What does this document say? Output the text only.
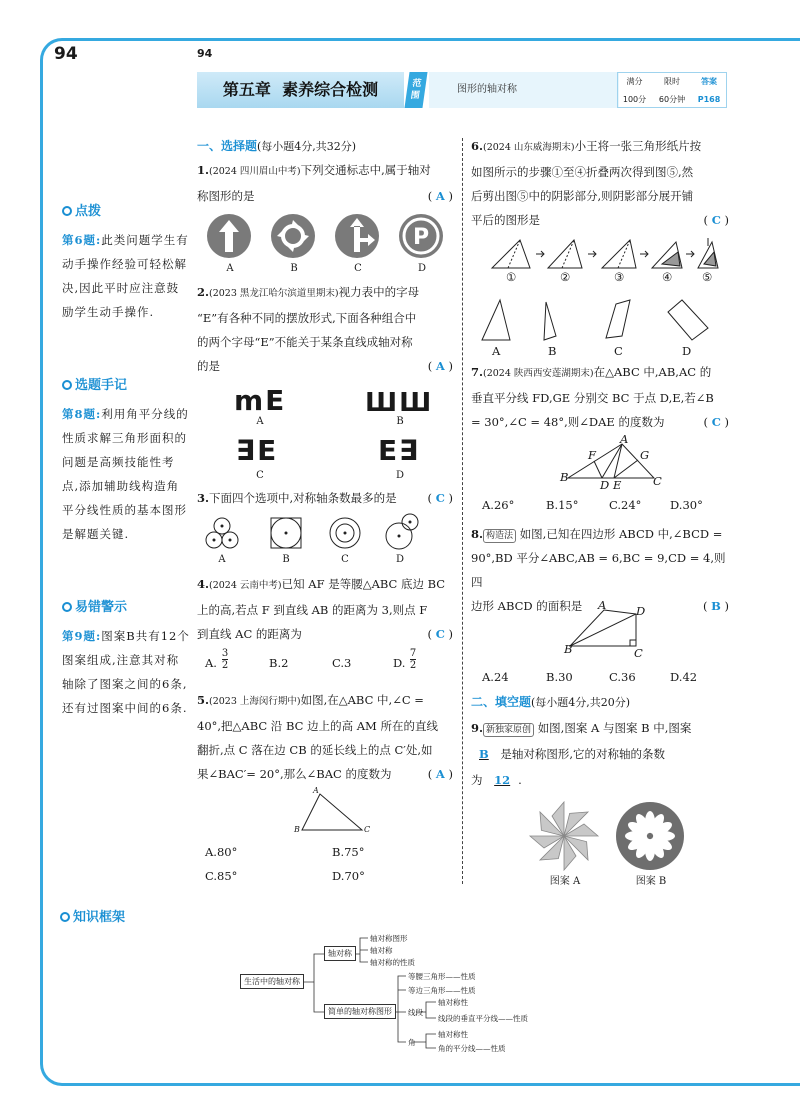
94	94
第五章 素养综合检测	范
围
图形的轴对称
满分	限时	答案
100分	60分钟	P168
点拨
第6题:此类问题学生有动手操作经验可轻松解决,因此平时应注意鼓励学生动手操作.
选题手记
第8题:利用角平分线的性质求解三角形面积的问题是高频技能性考点,添加辅助线构造角平分线性质的基本图形是解题关键.
易错警示
第9题:图案B共有12个图案组成,注意其对称轴除了图案之间的6条,还有过图案中间的6条.
一、选择题(每小题4分,共32分)
1.(2024 四川眉山中考)下列交通标志中,属于轴对
称图形的是	( A )
P
A	B	C	D
2.(2023 黑龙江哈尔滨道里期末)视力表中的字母
“E”有各种不同的摆放形式,下面各种组合中
的两个字母“E”不能关于某条直线成轴对称
的是	( A )
mE	ШШ
∃E	E∃
A	B
C	D
3.下面四个选项中,对称轴条数最多的是	( C )
A	B	C	D
4.(2024 云南中考)已知 AF 是等腰△ABC 底边 BC
上的高,若点 F 到直线 AB 的距离为 3,则点 F
到直线 AC 的距离为	( C )
A.
3
2	B.2	C.3	D.
7
2
5.(2023 上海闵行期中)如图,在△ABC 中,∠C =
40°,把△ABC 沿 BC 边上的高 AM 所在的直线
翻折,点 C 落在边 CB 的延长线上的点 C′处,如
果∠BAC′= 20°,那么∠BAC 的度数为	( A )
A
B	C
A.80°	B.75°
C.85°	D.70°
6.(2024 山东威海期末)小王将一张三角形纸片按
如图所示的步骤①至④折叠两次得到图⑤,然
后剪出图⑤中的阴影部分,则阴影部分展开铺
平后的图形是	( C )
①	②	③	④	⑤
A	B	C	D
7.(2024 陕西西安莲湖期末)在△ABC 中,AB,AC 的
垂直平分线 FD,GE 分别交 BC 于点 D,E,若∠B
= 30°,∠C = 48°,则∠DAE 的度数为	( C )
A
F	G
B
D E	C
A.26°	B.15°	C.24° D.30°
8. 构造法 如图,已知在四边形 ABCD 中,∠BCD =
90°,BD 平分∠ABC,AB = 6,BC = 9,CD = 4,则四
边形 ABCD 的面积是	( B )
A	D
B	C
A.24	B.30	C.36	D.42
二、填空题(每小题4分,共20分)
9. 新独家原创 如图,图案 A 与图案 B 中,图案
B 是轴对称图形,它的对称轴的条数
为 12 .
图案 A	图案 B
知识框架
生活中的轴对称
轴对称
轴对称图形
轴对称
轴对称的性质
简单的轴对称图形
等腰三角形——性质
等边三角形——性质
线段
轴对称性
线段的垂直平分线——性质
角
轴对称性
角的平分线——性质
